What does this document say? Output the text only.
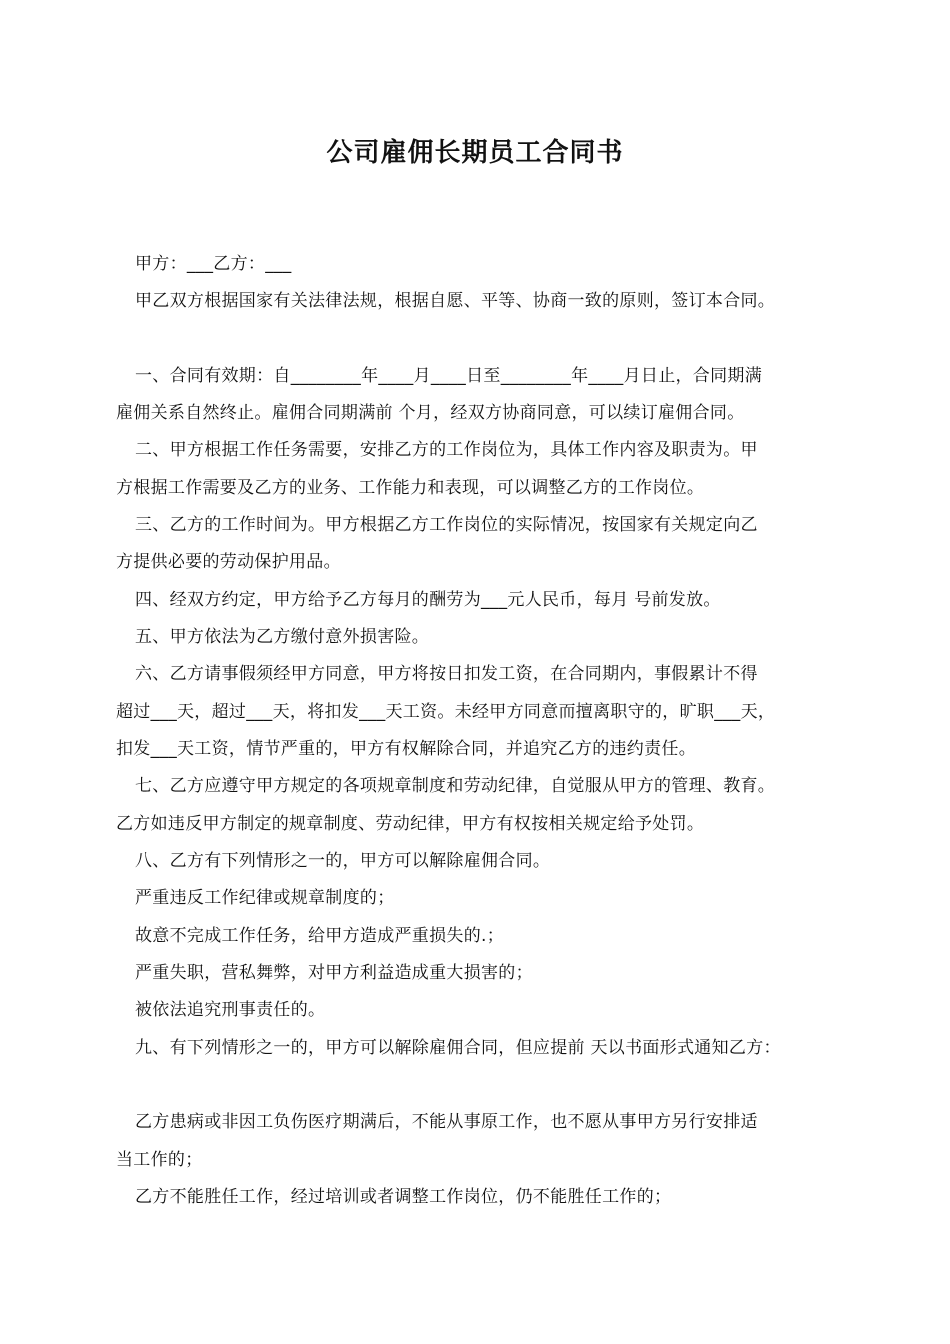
公司雇佣长期员工合同书
甲方：___乙方：___
甲乙双方根据国家有关法律法规，根据自愿、平等、协商一致的原则，签订本合同。
一、合同有效期：自________年____月____日至________年____月日止，合同期满
雇佣关系自然终止。雇佣合同期满前 个月，经双方协商同意，可以续订雇佣合同。
二、甲方根据工作任务需要，安排乙方的工作岗位为，具体工作内容及职责为。甲
方根据工作需要及乙方的业务、工作能力和表现，可以调整乙方的工作岗位。
三、乙方的工作时间为。甲方根据乙方工作岗位的实际情况，按国家有关规定向乙
方提供必要的劳动保护用品。
四、经双方约定，甲方给予乙方每月的酬劳为___元人民币，每月 号前发放。
五、甲方依法为乙方缴付意外损害险。
六、乙方请事假须经甲方同意，甲方将按日扣发工资，在合同期内，事假累计不得
超过___天，超过___天，将扣发___天工资。未经甲方同意而擅离职守的，旷职___天，
扣发___天工资，情节严重的，甲方有权解除合同，并追究乙方的违约责任。
七、乙方应遵守甲方规定的各项规章制度和劳动纪律，自觉服从甲方的管理、教育。
乙方如违反甲方制定的规章制度、劳动纪律，甲方有权按相关规定给予处罚。
八、乙方有下列情形之一的，甲方可以解除雇佣合同。
严重违反工作纪律或规章制度的；
故意不完成工作任务，给甲方造成严重损失的.；
严重失职，营私舞弊，对甲方利益造成重大损害的；
被依法追究刑事责任的。
九、有下列情形之一的，甲方可以解除雇佣合同，但应提前 天以书面形式通知乙方：
乙方患病或非因工负伤医疗期满后，不能从事原工作，也不愿从事甲方另行安排适
当工作的；
乙方不能胜任工作，经过培训或者调整工作岗位，仍不能胜任工作的；
